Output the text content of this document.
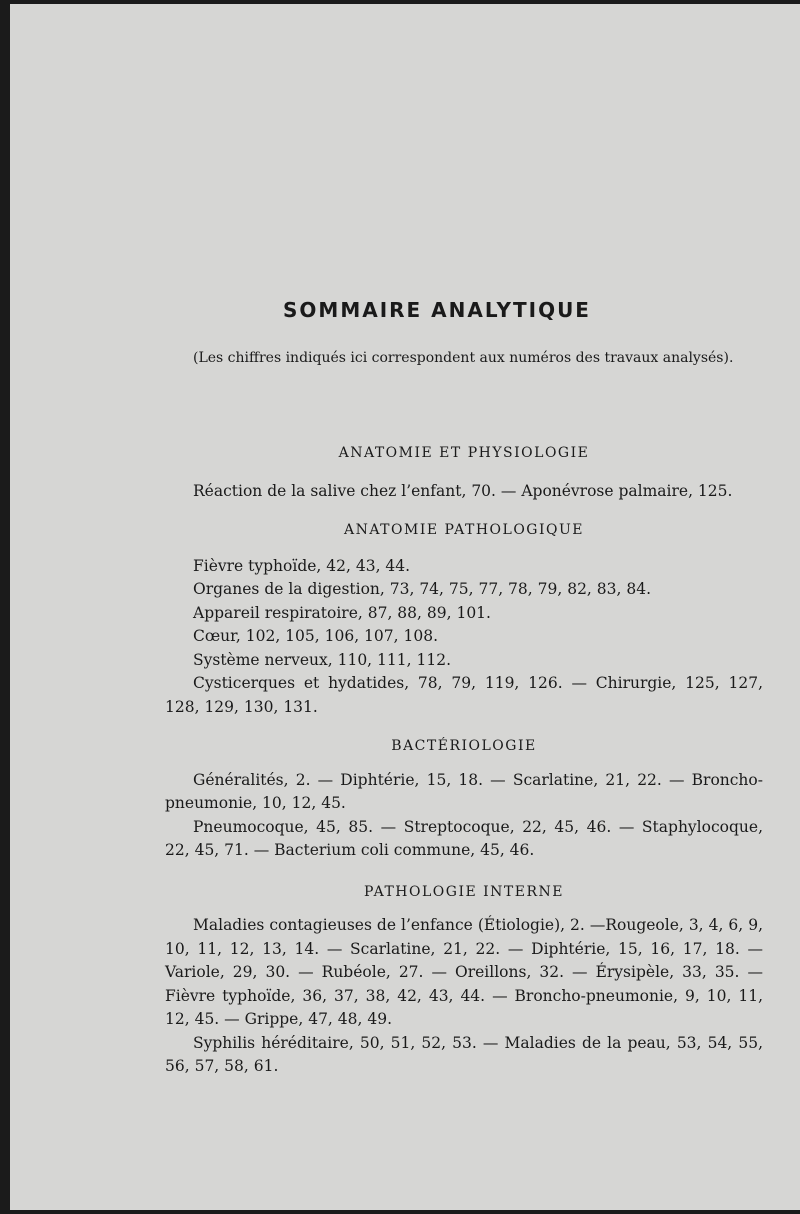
SOMMAIRE ANALYTIQUE
(Les chiffres indiqués ici correspondent aux numéros des travaux analysés).
ANATOMIE ET PHYSIOLOGIE

Réaction de la salive chez l’enfant, 70. — Aponévrose palmaire, 125.

ANATOMIE PATHOLOGIQUE

Fièvre typhoïde, 42, 43, 44.

Organes de la digestion, 73, 74, 75, 77, 78, 79, 82, 83, 84.

Appareil respiratoire, 87, 88, 89, 101.

Cœur, 102, 105, 106, 107, 108.

Système nerveux, 110, 111, 112.

Cysticerques et hydatides, 78, 79, 119, 126. — Chirurgie, 125, 127, 128, 129, 130, 131.

BACTÉRIOLOGIE

Généralités, 2. — Diphtérie, 15, 18. — Scarlatine, 21, 22. — Broncho-pneumonie, 10, 12, 45.

Pneumocoque, 45, 85. — Streptocoque, 22, 45, 46. — Staphylocoque, 22, 45, 71. — Bacterium coli commune, 45, 46.

PATHOLOGIE INTERNE

Maladies contagieuses de l’enfance (Étiologie), 2. —Rougeole, 3, 4, 6, 9, 10, 11, 12, 13, 14. — Scarlatine, 21, 22. — Diphtérie, 15, 16, 17, 18. — Variole, 29, 30. — Rubéole, 27. — Oreillons, 32. — Érysipèle, 33, 35. — Fièvre typhoïde, 36, 37, 38, 42, 43, 44. — Broncho-pneumonie, 9, 10, 11, 12, 45. — Grippe, 47, 48, 49.

Syphilis héréditaire, 50, 51, 52, 53. — Maladies de la peau, 53, 54, 55, 56, 57, 58, 61.
